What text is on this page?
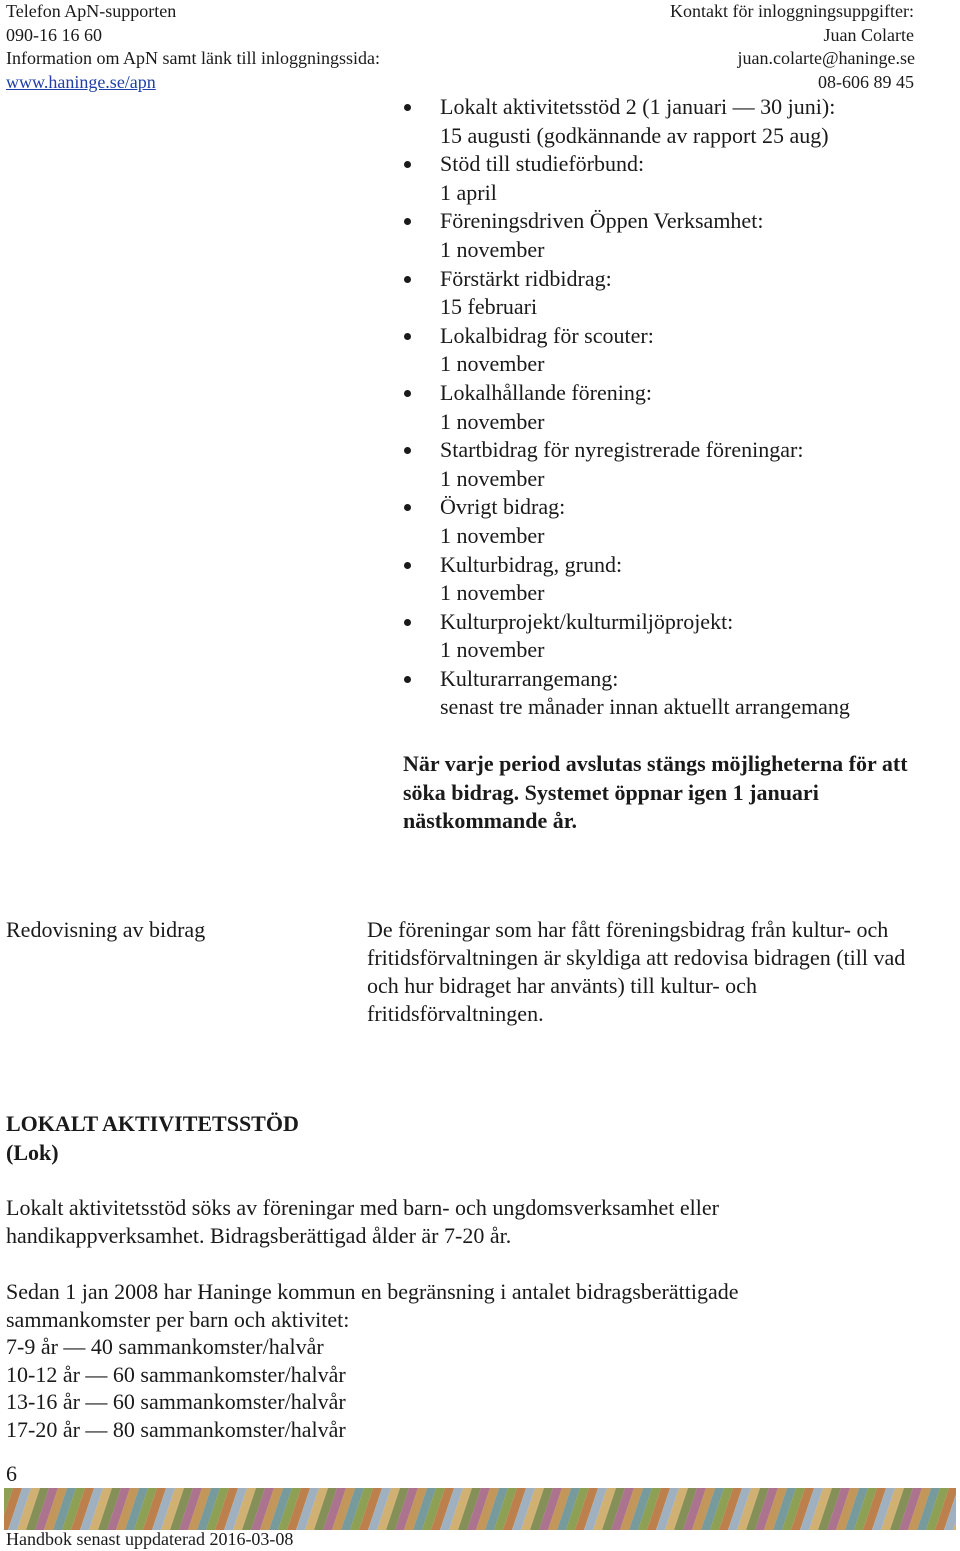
Telefon ApN-supporten
090-16 16 60
Information om ApN samt länk till inloggningssida:
www.haninge.se/apn
Kontakt för inloggningsuppgifter:
Juan Colarte
juan.colarte@haninge.se
08-606 89 45
Lokalt aktivitetsstöd 2 (1 januari — 30 juni):
15 augusti (godkännande av rapport 25 aug)
Stöd till studieförbund:
1 april
Föreningsdriven Öppen Verksamhet:
1 november
Förstärkt ridbidrag:
15 februari
Lokalbidrag för scouter:
1 november
Lokalhållande förening:
1 november
Startbidrag för nyregistrerade föreningar:
1 november
Övrigt bidrag:
1 november
Kulturbidrag, grund:
1 november
Kulturprojekt/kulturmiljöprojekt:
1 november
Kulturarrangemang:
senast tre månader innan aktuellt arrangemang
När varje period avslutas stängs möjligheterna för att
söka bidrag. Systemet öppnar igen 1 januari
nästkommande år.
Redovisning av bidrag	De föreningar som har fått föreningsbidrag från kultur- och
fritidsförvaltningen är skyldiga att redovisa bidragen (till vad
och hur bidraget har använts) till kultur- och
fritidsförvaltningen.
LOKALT AKTIVITETSSTÖD
(Lok)
Lokalt aktivitetsstöd söks av föreningar med barn- och ungdomsverksamhet eller
handikappverksamhet. Bidragsberättigad ålder är 7-20 år.
Sedan 1 jan 2008 har Haninge kommun en begränsning i antalet bidragsberättigade
sammankomster per barn och aktivitet:
7-9 år — 40 sammankomster/halvår
10-12 år — 60 sammankomster/halvår
13-16 år — 60 sammankomster/halvår
17-20 år — 80 sammankomster/halvår
6
Handbok senast uppdaterad 2016-03-08
